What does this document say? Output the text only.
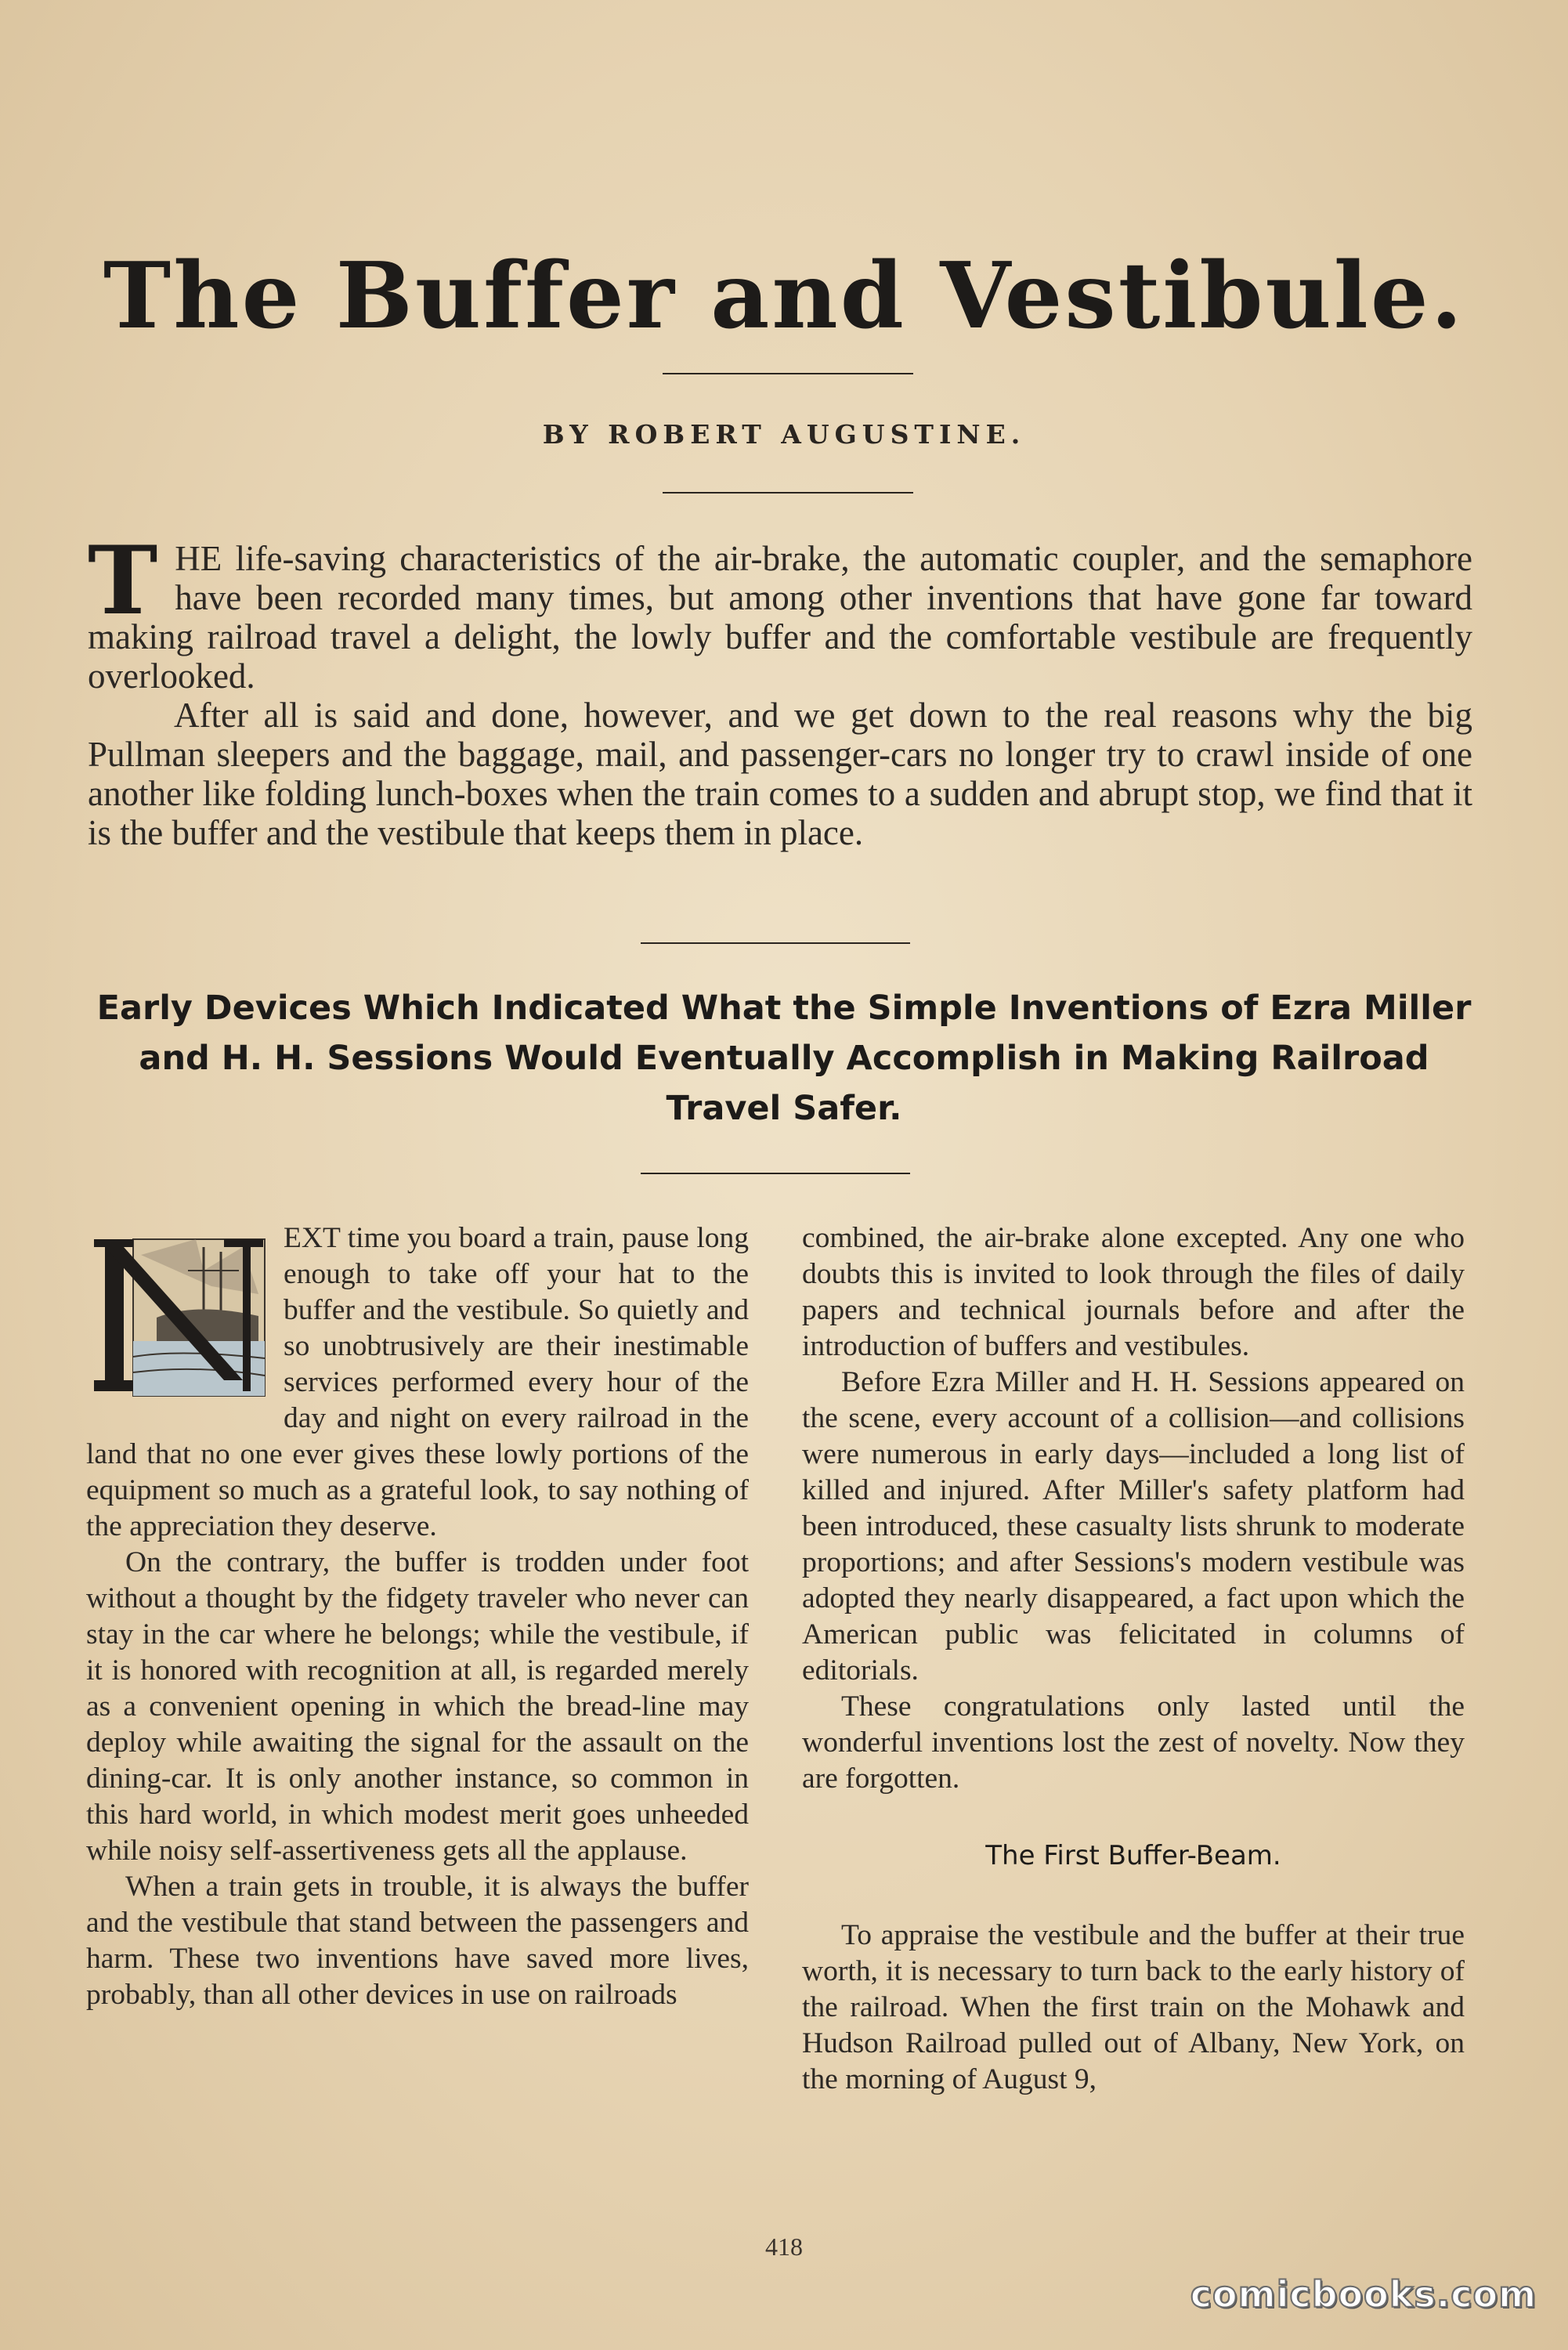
The Buffer and Vestibule.
BY ROBERT AUGUSTINE.

THE life-saving characteristics of the air-brake, the automatic coupler, and the semaphore have been recorded many times, but among other inventions that have gone far toward making railroad travel a delight, the lowly buffer and the comfortable vestibule are frequently overlooked.

After all is said and done, however, and we get down to the real reasons why the big Pullman sleepers and the baggage, mail, and passenger-cars no longer try to crawl inside of one another like folding lunch-boxes when the train comes to a sudden and abrupt stop, we find that it is the buffer and the vestibule that keeps them in place.

Early Devices Which Indicated What the Simple Inventions of Ezra Miller and H. H. Sessions Would Eventually Accomplish in Making Railroad Travel Safer.

EXT time you board a train, pause long enough to take off your hat to the buffer and the vestibule. So quietly and so unobtrusively are their inestimable services performed every hour of the day and night on every railroad in the land that no one ever gives these lowly portions of the equipment so much as a grateful look, to say nothing of the appreciation they deserve.

On the contrary, the buffer is trodden under foot without a thought by the fidgety traveler who never can stay in the car where he belongs; while the vestibule, if it is honored with recognition at all, is regarded merely as a convenient opening in which the bread-line may deploy while awaiting the signal for the assault on the dining-car. It is only another instance, so common in this hard world, in which modest merit goes unheeded while noisy self-assertiveness gets all the applause.

When a train gets in trouble, it is always the buffer and the vestibule that stand between the passengers and harm. These two inventions have saved more lives, probably, than all other devices in use on railroads

combined, the air-brake alone excepted. Any one who doubts this is invited to look through the files of daily papers and technical journals before and after the introduction of buffers and vestibules.

Before Ezra Miller and H. H. Sessions appeared on the scene, every account of a collision—and collisions were numerous in early days—included a long list of killed and injured. After Miller's safety platform had been introduced, these casualty lists shrunk to moderate proportions; and after Sessions's modern vestibule was adopted they nearly disappeared, a fact upon which the American public was felicitated in columns of editorials.

These congratulations only lasted until the wonderful inventions lost the zest of novelty. Now they are forgotten.

The First Buffer-Beam.

To appraise the vestibule and the buffer at their true worth, it is necessary to turn back to the early history of the railroad. When the first train on the Mohawk and Hudson Railroad pulled out of Albany, New York, on the morning of August 9,

418
comicbooks.com
